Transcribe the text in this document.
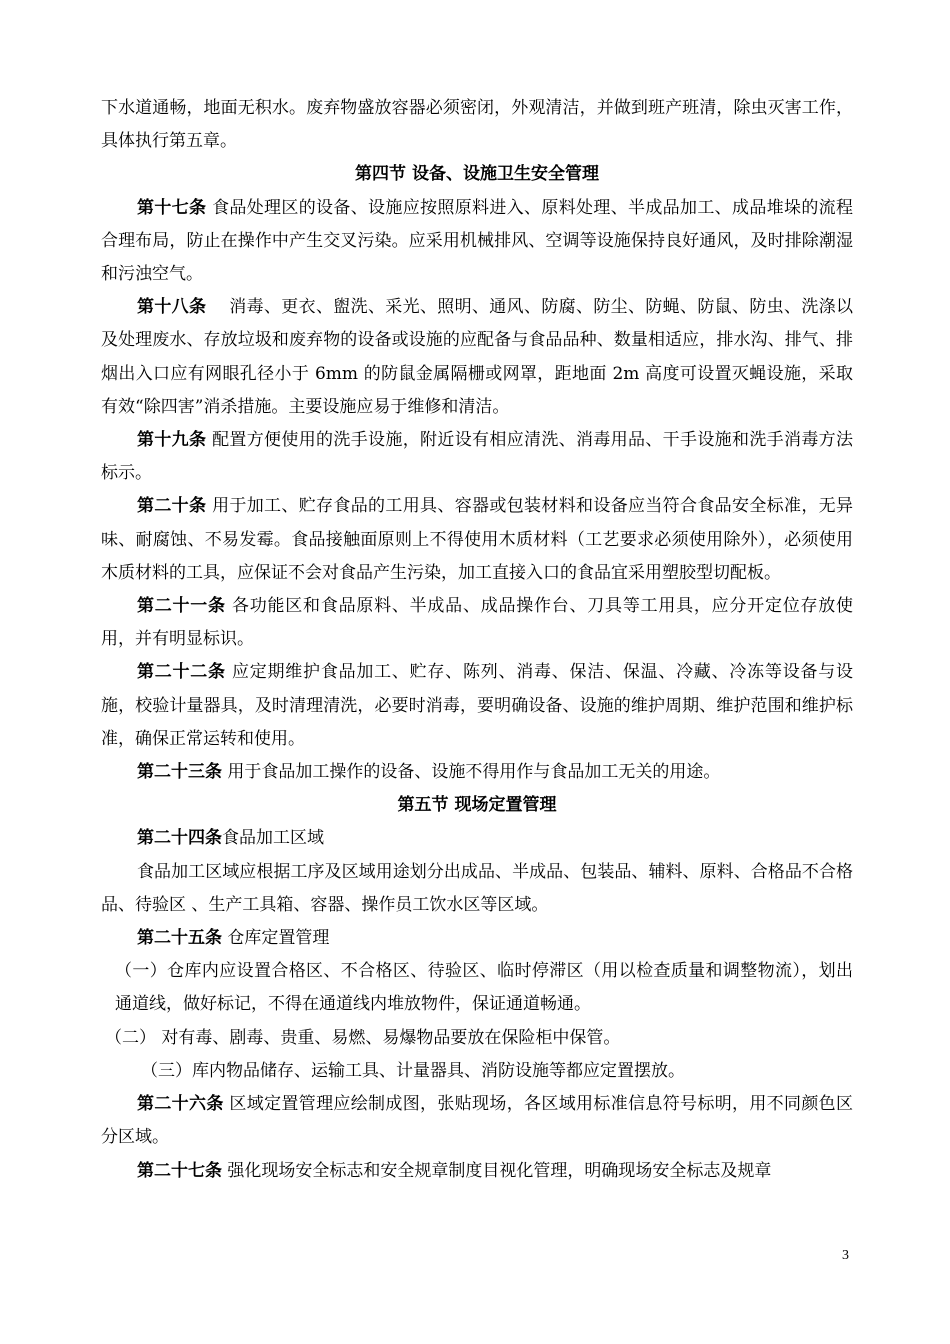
下水道通畅，地面无积水。废弃物盛放容器必须密闭，外观清洁，并做到班产班清，除虫灭害工作，具体执行第五章。

第四节 设备、设施卫生安全管理

第十七条 食品处理区的设备、设施应按照原料进入、原料处理、半成品加工、成品堆垛的流程合理布局，防止在操作中产生交叉污染。应采用机械排风、空调等设施保持良好通风，及时排除潮湿和污浊空气。

第十八条    消毒、更衣、盥洗、采光、照明、通风、防腐、防尘、防蝇、防鼠、防虫、洗涤以及处理废水、存放垃圾和废弃物的设备或设施的应配备与食品品种、数量相适应，排水沟、排气、排烟出入口应有网眼孔径小于 6mm 的防鼠金属隔栅或网罩，距地面 2m 高度可设置灭蝇设施，采取有效“除四害”消杀措施。主要设施应易于维修和清洁。

第十九条 配置方便使用的洗手设施，附近设有相应清洗、消毒用品、干手设施和洗手消毒方法标示。

第二十条 用于加工、贮存食品的工用具、容器或包装材料和设备应当符合食品安全标准，无异味、耐腐蚀、不易发霉。食品接触面原则上不得使用木质材料（工艺要求必须使用除外），必须使用木质材料的工具，应保证不会对食品产生污染，加工直接入口的食品宜采用塑胶型切配板。

第二十一条 各功能区和食品原料、半成品、成品操作台、刀具等工用具，应分开定位存放使用，并有明显标识。

第二十二条 应定期维护食品加工、贮存、陈列、消毒、保洁、保温、冷藏、冷冻等设备与设施，校验计量器具，及时清理清洗，必要时消毒，要明确设备、设施的维护周期、维护范围和维护标准，确保正常运转和使用。

第二十三条 用于食品加工操作的设备、设施不得用作与食品加工无关的用途。

第五节 现场定置管理

第二十四条食品加工区域

食品加工区域应根据工序及区域用途划分出成品、半成品、包装品、辅料、原料、合格品不合格品、待验区 、生产工具箱、容器、操作员工饮水区等区域。

第二十五条 仓库定置管理

（一）仓库内应设置合格区、不合格区、待验区、临时停滞区（用以检查质量和调整物流），划出通道线，做好标记，不得在通道线内堆放物件，保证通道畅通。

（二） 对有毒、剧毒、贵重、易燃、易爆物品要放在保险柜中保管。

（三）库内物品储存、运输工具、计量器具、消防设施等都应定置摆放。

第二十六条 区域定置管理应绘制成图，张贴现场，各区域用标准信息符号标明，用不同颜色区分区域。

第二十七条 强化现场安全标志和安全规章制度目视化管理，明确现场安全标志及规章

3
